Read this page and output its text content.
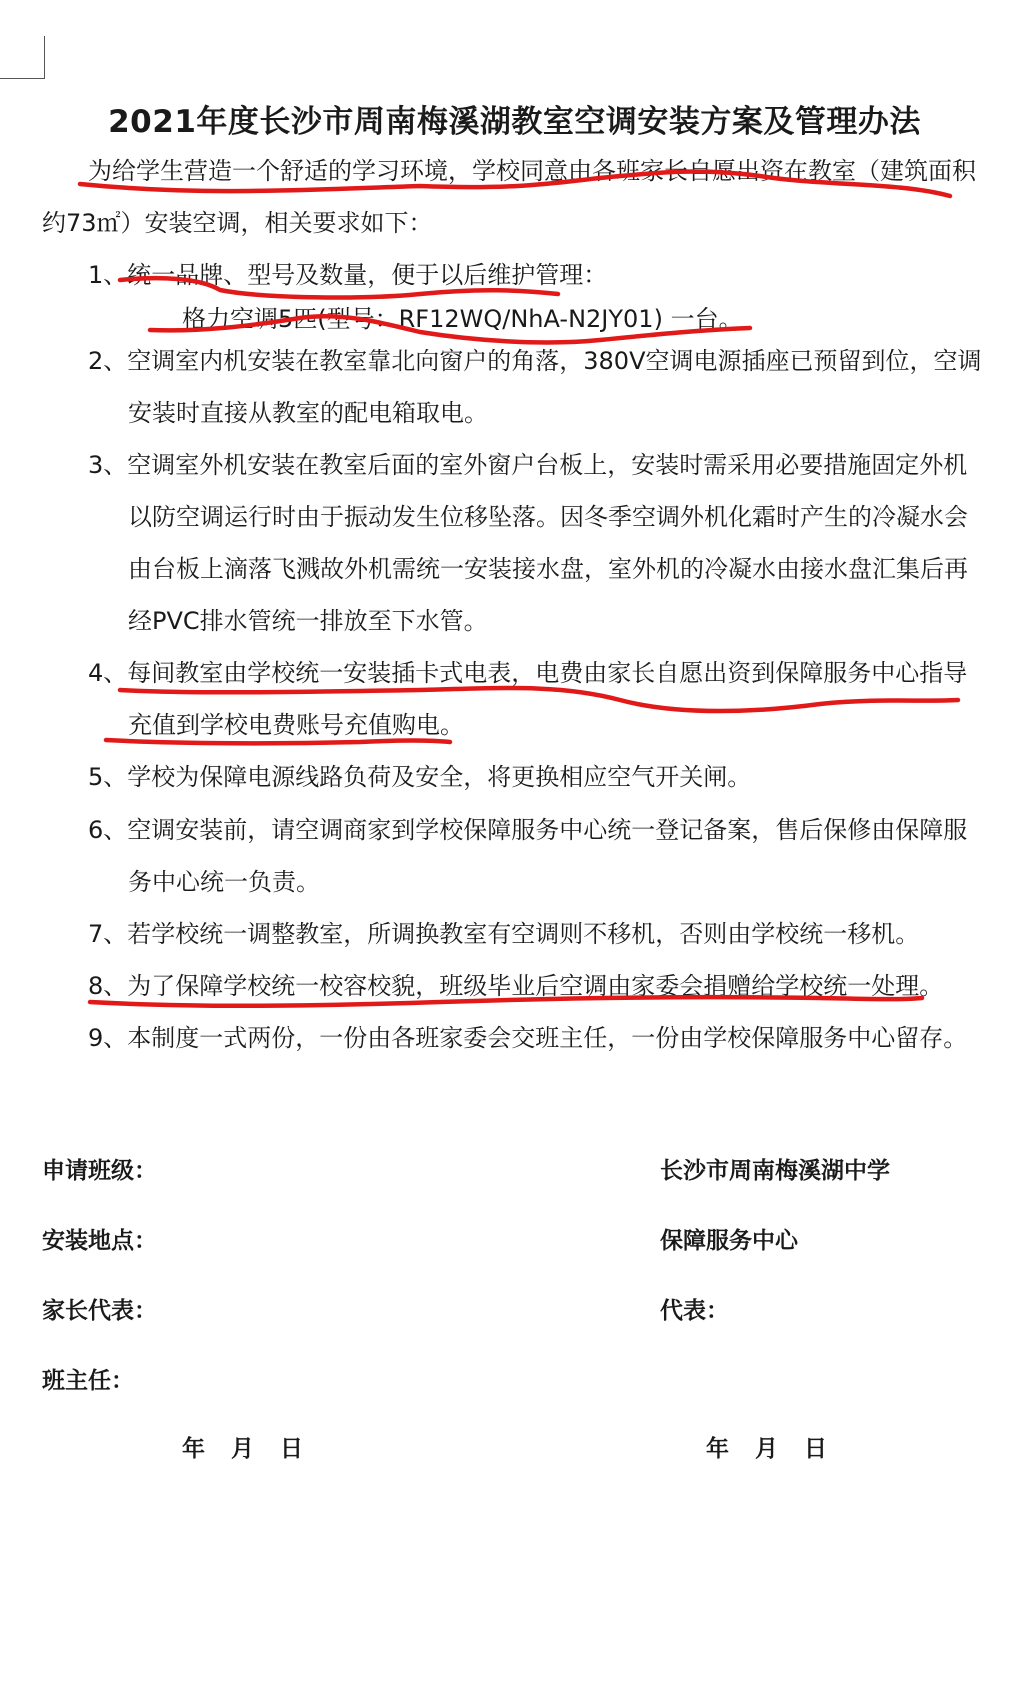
2021年度长沙市周南梅溪湖教室空调安装方案及管理办法
为给学生营造一个舒适的学习环境，学校同意由各班家长自愿出资在教室（建筑面积
约73㎡）安装空调，相关要求如下：
1、统一品牌、型号及数量，便于以后维护管理：
格力空调5匹(型号：RF12WQ/NhA-N2JY01) 一台。
2、空调室内机安装在教室靠北向窗户的角落，380V空调电源插座已预留到位，空调
安装时直接从教室的配电箱取电。
3、空调室外机安装在教室后面的室外窗户台板上，安装时需采用必要措施固定外机
以防空调运行时由于振动发生位移坠落。因冬季空调外机化霜时产生的冷凝水会
由台板上滴落飞溅故外机需统一安装接水盘，室外机的冷凝水由接水盘汇集后再
经PVC排水管统一排放至下水管。
4、每间教室由学校统一安装插卡式电表，电费由家长自愿出资到保障服务中心指导
充值到学校电费账号充值购电。
5、学校为保障电源线路负荷及安全，将更换相应空气开关闸。
6、空调安装前，请空调商家到学校保障服务中心统一登记备案，售后保修由保障服
务中心统一负责。
7、若学校统一调整教室，所调换教室有空调则不移机，否则由学校统一移机。
8、为了保障学校统一校容校貌，班级毕业后空调由家委会捐赠给学校统一处理。
9、本制度一式两份，一份由各班家委会交班主任，一份由学校保障服务中心留存。
申请班级：
安装地点：
家长代表：
班主任：
长沙市周南梅溪湖中学
保障服务中心
代表：
年 月 日	年 月 日
